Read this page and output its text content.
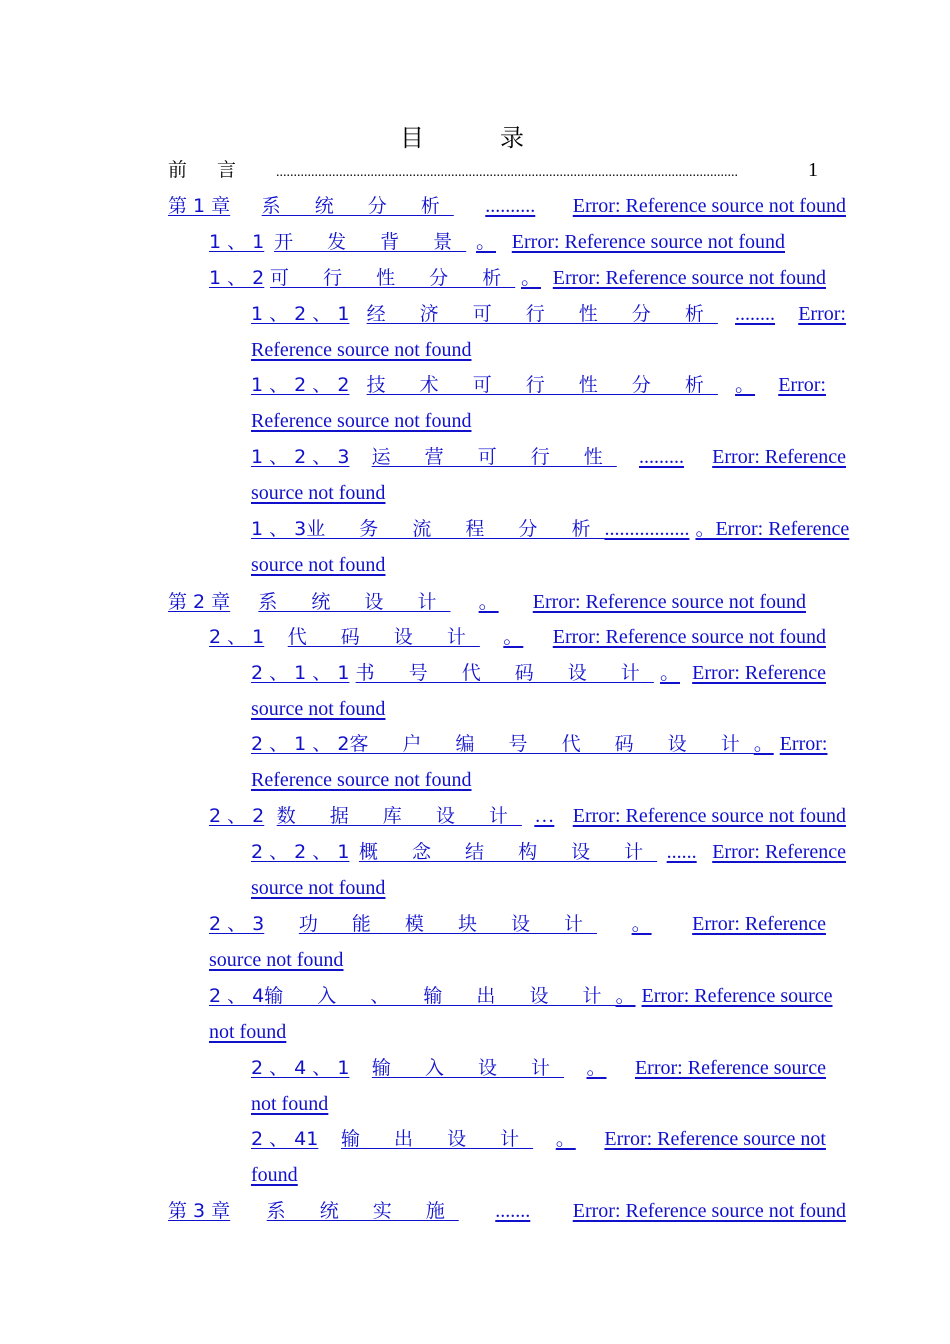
目　录
前言 ....................................................................................................................................	1
第 1 章 系 统 分 析 .......... Error: Reference source not found
1 、 1 开 发 背 景 。 Error: Reference source not found
1 、 2 可 行 性 分 析 。 Error: Reference source not found
1 、 2 、 1 经 济 可 行 性 分 析 ........ Error:
Reference source not found
1 、 2 、 2 技 术 可 行 性 分 析 。 Error:
Reference source not found
1 、 2 、 3 运 营 可 行 性 ......... Error: Reference
source not found
1 、 3 业 务 流 程 分 析 ................. 。Error: Reference
source not found
第 2 章 系 统 设 计 。 Error: Reference source not found
2 、 1 代 码 设 计 。 Error: Reference source not found
2 、 1 、 1 书 号 代 码 设 计 。 Error: Reference
source not found
2 、 1 、 2 客 户 编 号 代 码 设 计 。 Error:
Reference source not found
2 、 2 数 据 库 设 计 … Error: Reference source not found
2 、 2 、 1 概 念 结 构 设 计 ...... Error: Reference
source not found
2 、 3 功 能 模 块 设 计 。 Error: Reference
source not found
2 、 4 输 入 、 输 出 设 计 。 Error: Reference source
not found
2 、 4 、 1 输 入 设 计 。 Error: Reference source
not found
2 、 41 输 出 设 计 。 Error: Reference source not
found
第 3 章 系 统 实 施 ....... Error: Reference source not found
